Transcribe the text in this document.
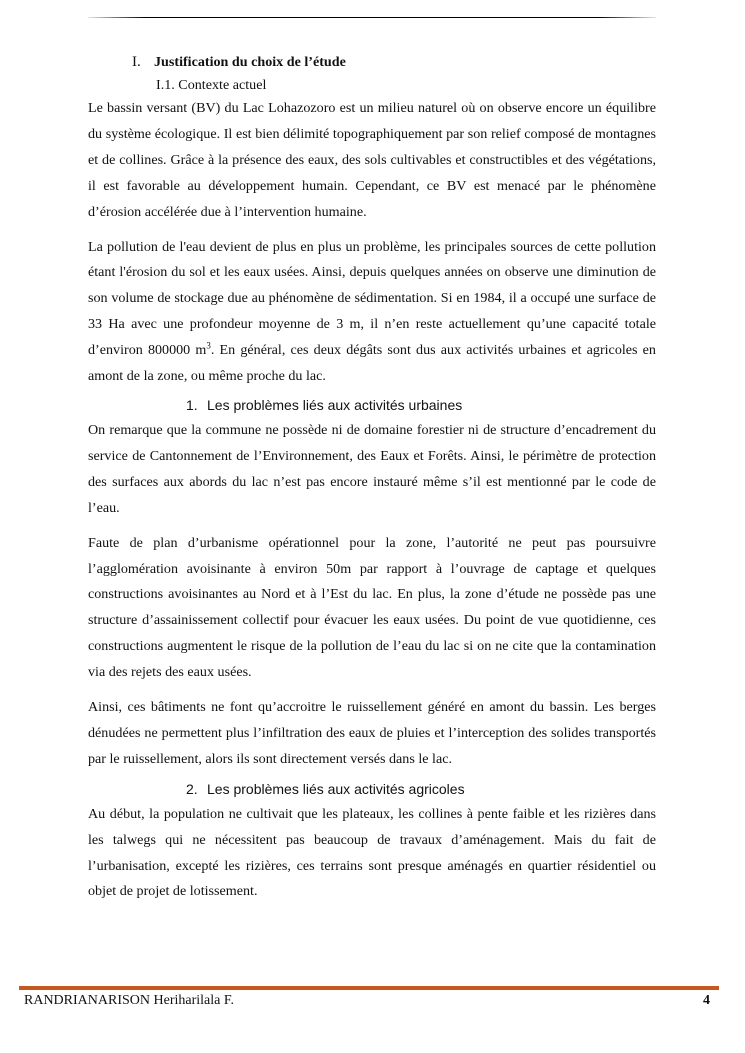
I. Justification du choix de l’étude
I.1. Contexte actuel

Le bassin versant (BV) du Lac Lohazozoro est un milieu naturel où on observe encore un équilibre du système écologique. Il est bien délimité topographiquement par son relief composé de montagnes et de collines. Grâce à la présence des eaux, des sols cultivables et constructibles et des végétations, il est favorable au développement humain. Cependant, ce BV est menacé par le phénomène d’érosion accélérée due à l’intervention humaine.

La pollution de l'eau devient de plus en plus un problème, les principales sources de cette pollution étant l'érosion du sol et les eaux usées. Ainsi, depuis quelques années on observe une diminution de son volume de stockage due au phénomène de sédimentation. Si en 1984, il a occupé une surface de 33 Ha avec une profondeur moyenne de 3 m, il n’en reste actuellement qu’une capacité totale d’environ 800000 $m^3$. En général, ces deux dégâts sont dus aux activités urbaines et agricoles en amont de la zone, ou même proche du lac.

1. Les problèmes liés aux activités urbaines

On remarque que la commune ne possède ni de domaine forestier ni de structure d’encadrement du service de Cantonnement de l’Environnement, des Eaux et Forêts. Ainsi, le périmètre de protection des surfaces aux abords du lac n’est pas encore instauré même s’il est mentionné par le code de l’eau.

Faute de plan d’urbanisme opérationnel pour la zone, l’autorité ne peut pas poursuivre l’agglomération avoisinante à environ 50m par rapport à l’ouvrage de captage et quelques constructions avoisinantes au Nord et à l’Est du lac. En plus, la zone d’étude ne possède pas une structure d’assainissement collectif pour évacuer les eaux usées. Du point de vue quotidienne, ces constructions augmentent le risque de la pollution de l’eau du lac si on ne cite que la contamination via des rejets des eaux usées.

Ainsi, ces bâtiments ne font qu’accroitre le ruissellement généré en amont du bassin. Les berges dénudées ne permettent plus l’infiltration des eaux de pluies et l’interception des solides transportés par le ruissellement, alors ils sont directement versés dans le lac.

2. Les problèmes liés aux activités agricoles

Au début, la population ne cultivait que les plateaux, les collines à pente faible et les rizières dans les talwegs qui ne nécessitent pas beaucoup de travaux d’aménagement. Mais du fait de l’urbanisation, excepté les rizières, ces terrains sont presque aménagés en quartier résidentiel ou objet de projet de lotissement.

RANDRIANARISON Heriharilala F.	4
